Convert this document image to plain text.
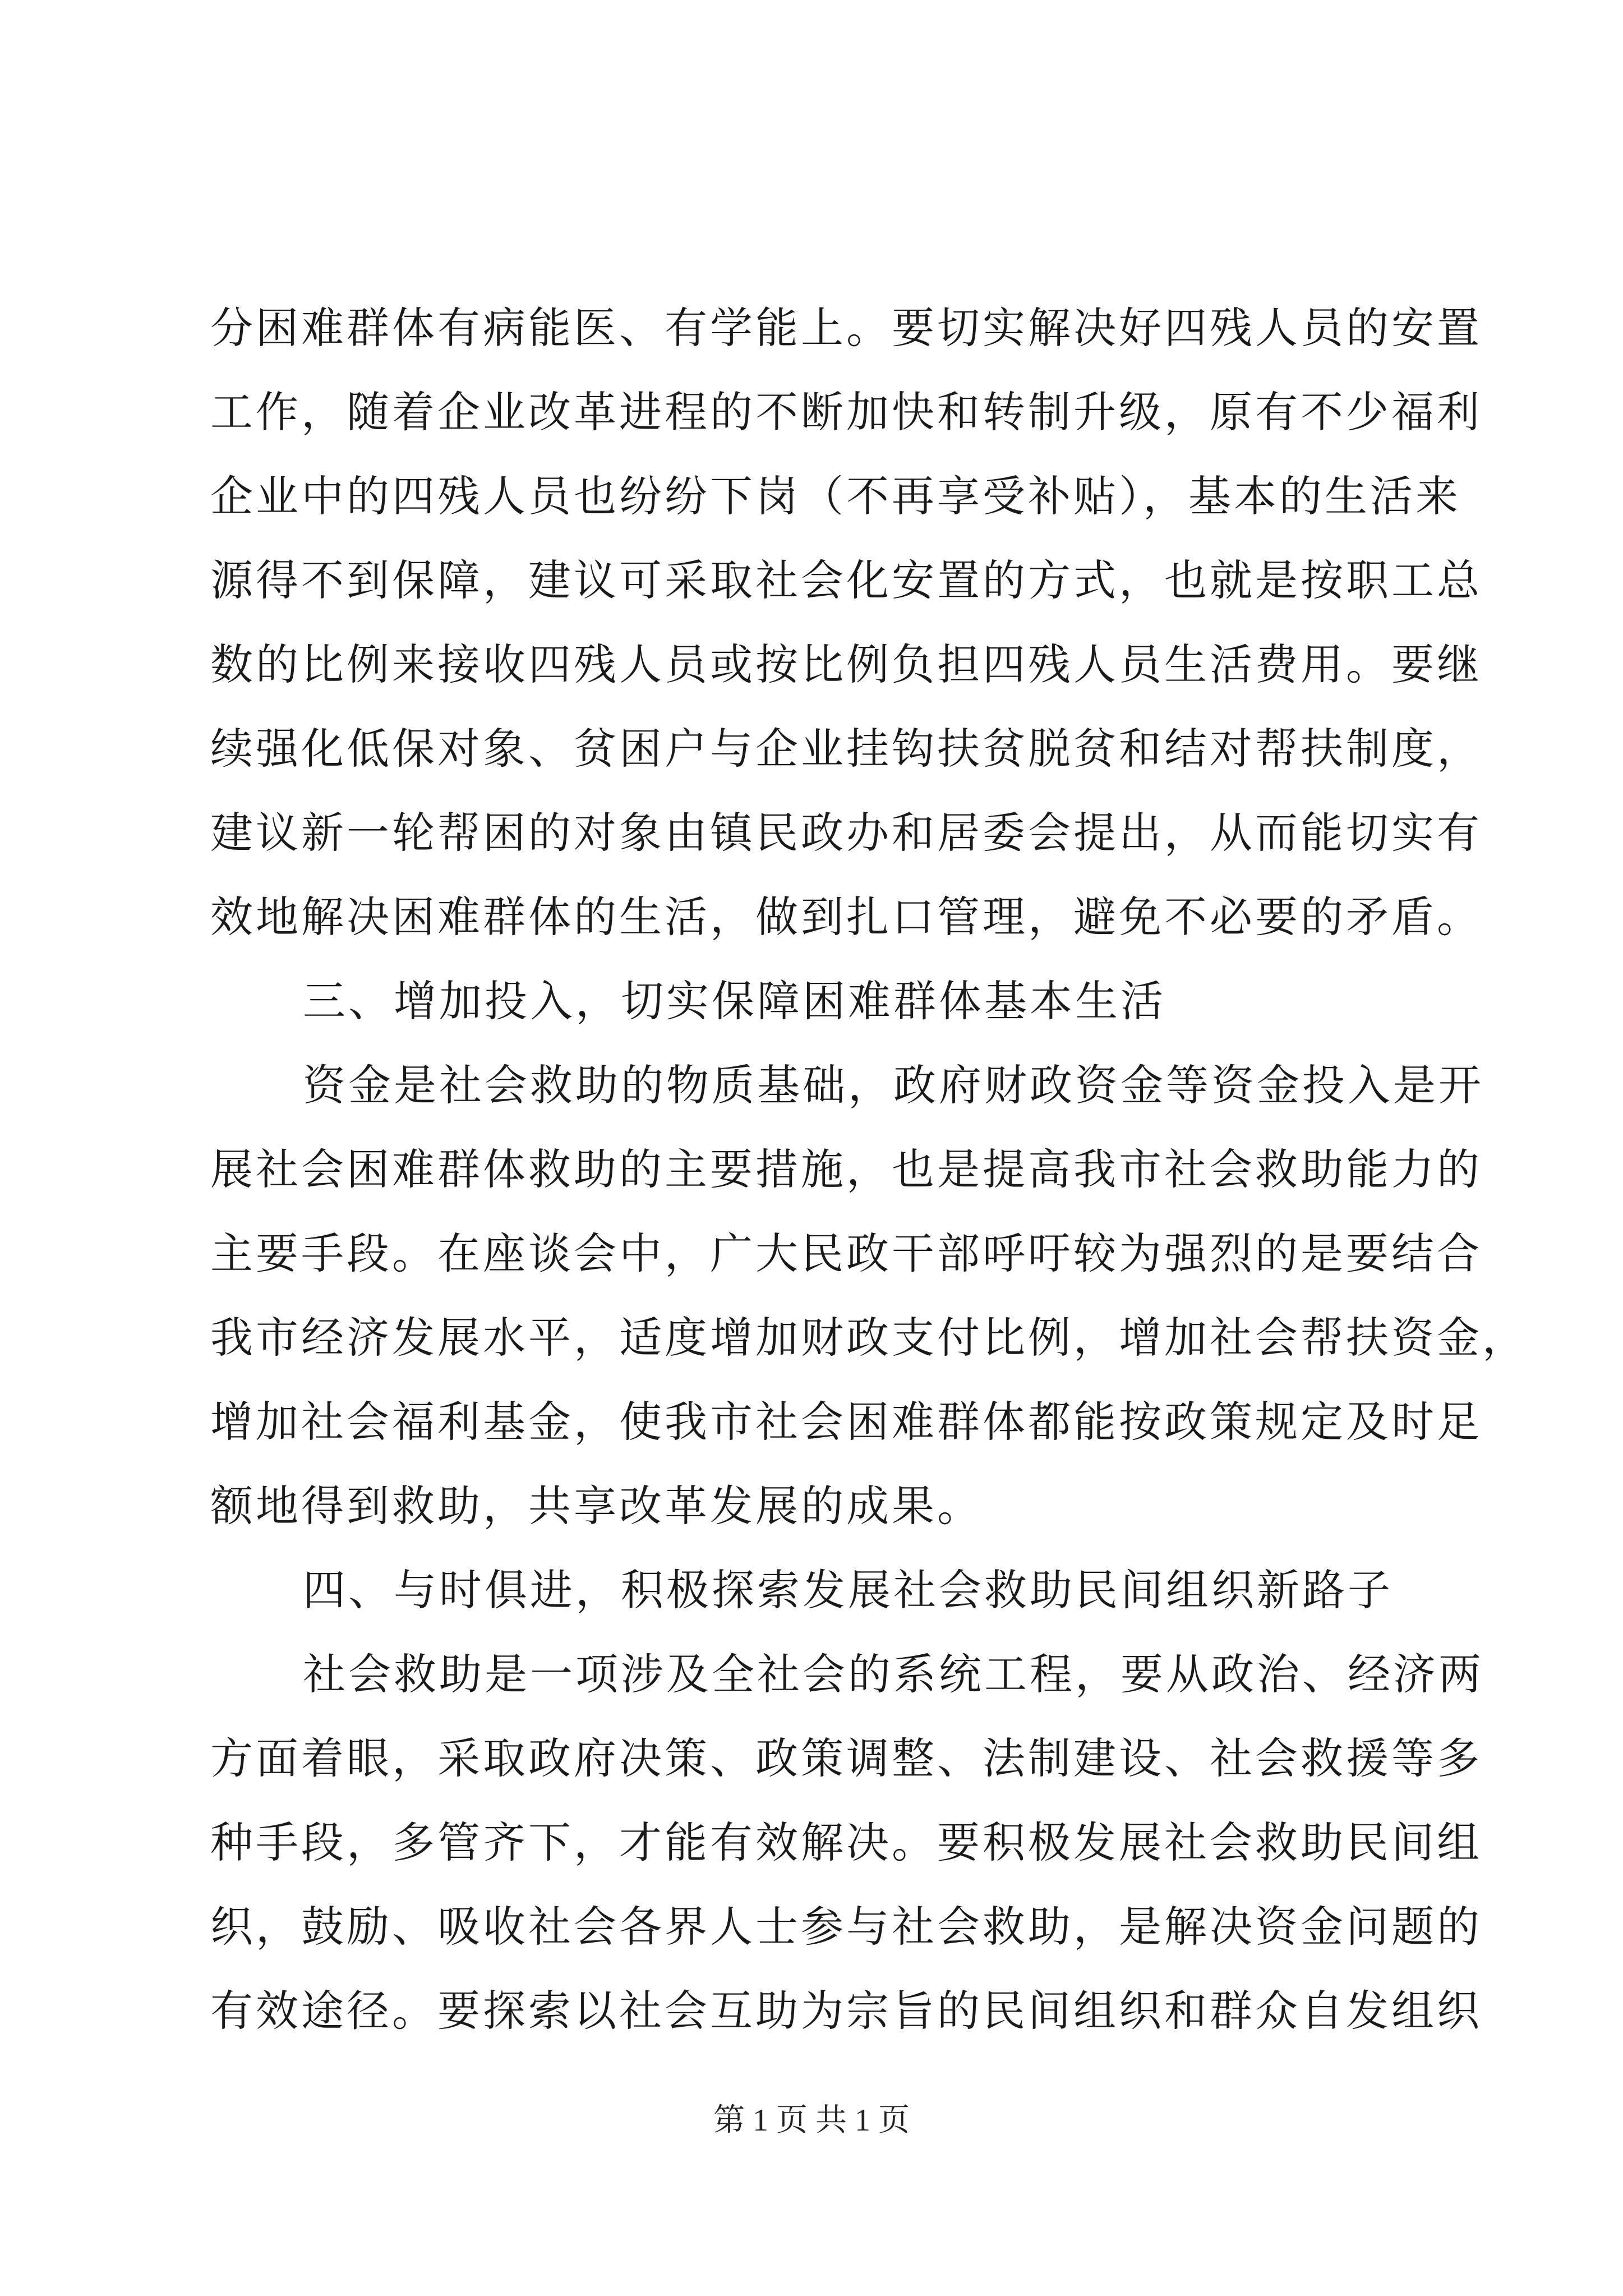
分困难群体有病能医、有学能上。要切实解决好四残人员的安置
工作，随着企业改革进程的不断加快和转制升级，原有不少福利
企业中的四残人员也纷纷下岗（不再享受补贴），基本的生活来
源得不到保障，建议可采取社会化安置的方式，也就是按职工总
数的比例来接收四残人员或按比例负担四残人员生活费用。要继
续强化低保对象、贫困户与企业挂钩扶贫脱贫和结对帮扶制度，
建议新一轮帮困的对象由镇民政办和居委会提出，从而能切实有
效地解决困难群体的生活，做到扎口管理，避免不必要的矛盾。
三、增加投入，切实保障困难群体基本生活
资金是社会救助的物质基础，政府财政资金等资金投入是开
展社会困难群体救助的主要措施，也是提高我市社会救助能力的
主要手段。在座谈会中，广大民政干部呼吁较为强烈的是要结合
我市经济发展水平，适度增加财政支付比例，增加社会帮扶资金，
增加社会福利基金，使我市社会困难群体都能按政策规定及时足
额地得到救助，共享改革发展的成果。
四、与时俱进，积极探索发展社会救助民间组织新路子
社会救助是一项涉及全社会的系统工程，要从政治、经济两
方面着眼，采取政府决策、政策调整、法制建设、社会救援等多
种手段，多管齐下，才能有效解决。要积极发展社会救助民间组
织，鼓励、吸收社会各界人士参与社会救助，是解决资金问题的
有效途径。要探索以社会互助为宗旨的民间组织和群众自发组织
第 1 页 共 1 页
